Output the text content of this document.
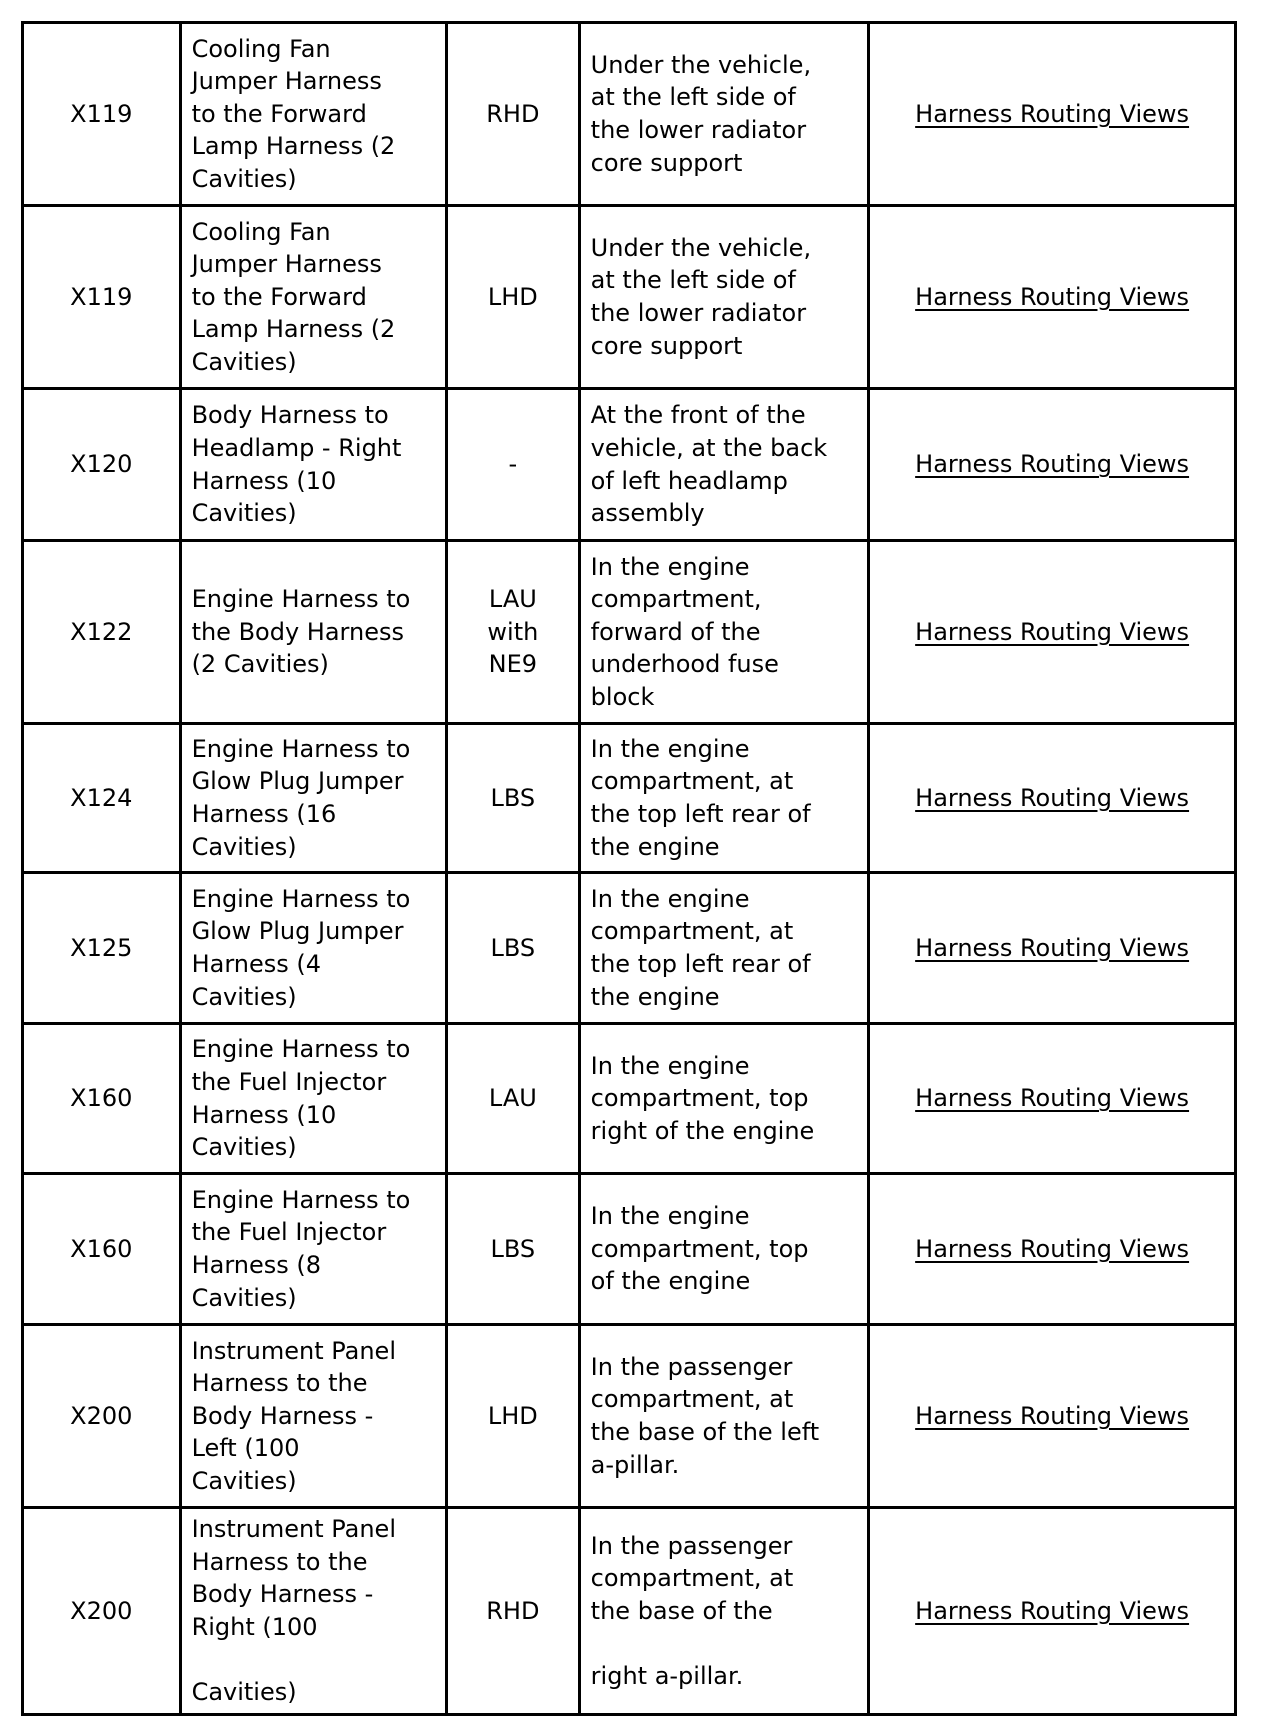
X119	Cooling Fan
Jumper Harness
to the Forward
Lamp Harness (2
Cavities)	RHD	Under the vehicle,
at the left side of
the lower radiator
core support	Harness Routing Views
X119	Cooling Fan
Jumper Harness
to the Forward
Lamp Harness (2
Cavities)	LHD	Under the vehicle,
at the left side of
the lower radiator
core support	Harness Routing Views
X120	Body Harness to
Headlamp - Right
Harness (10
Cavities)	-	At the front of the
vehicle, at the back
of left headlamp
assembly	Harness Routing Views
X122	Engine Harness to
the Body Harness
(2 Cavities)	LAU
with
NE9	In the engine
compartment,
forward of the
underhood fuse
block	Harness Routing Views
X124	Engine Harness to
Glow Plug Jumper
Harness (16
Cavities)	LBS	In the engine
compartment, at
the top left rear of
the engine	Harness Routing Views
X125	Engine Harness to
Glow Plug Jumper
Harness (4
Cavities)	LBS	In the engine
compartment, at
the top left rear of
the engine	Harness Routing Views
X160	Engine Harness to
the Fuel Injector
Harness (10
Cavities)	LAU	In the engine
compartment, top
right of the engine	Harness Routing Views
X160	Engine Harness to
the Fuel Injector
Harness (8
Cavities)	LBS	In the engine
compartment, top
of the engine	Harness Routing Views
X200	Instrument Panel
Harness to the
Body Harness -
Left (100
Cavities)	LHD	In the passenger
compartment, at
the base of the left
a-pillar.	Harness Routing Views
X200	Instrument Panel
Harness to the
Body Harness -
Right (100

Cavities)	RHD	In the passenger
compartment, at
the base of the

right a-pillar.	Harness Routing Views
